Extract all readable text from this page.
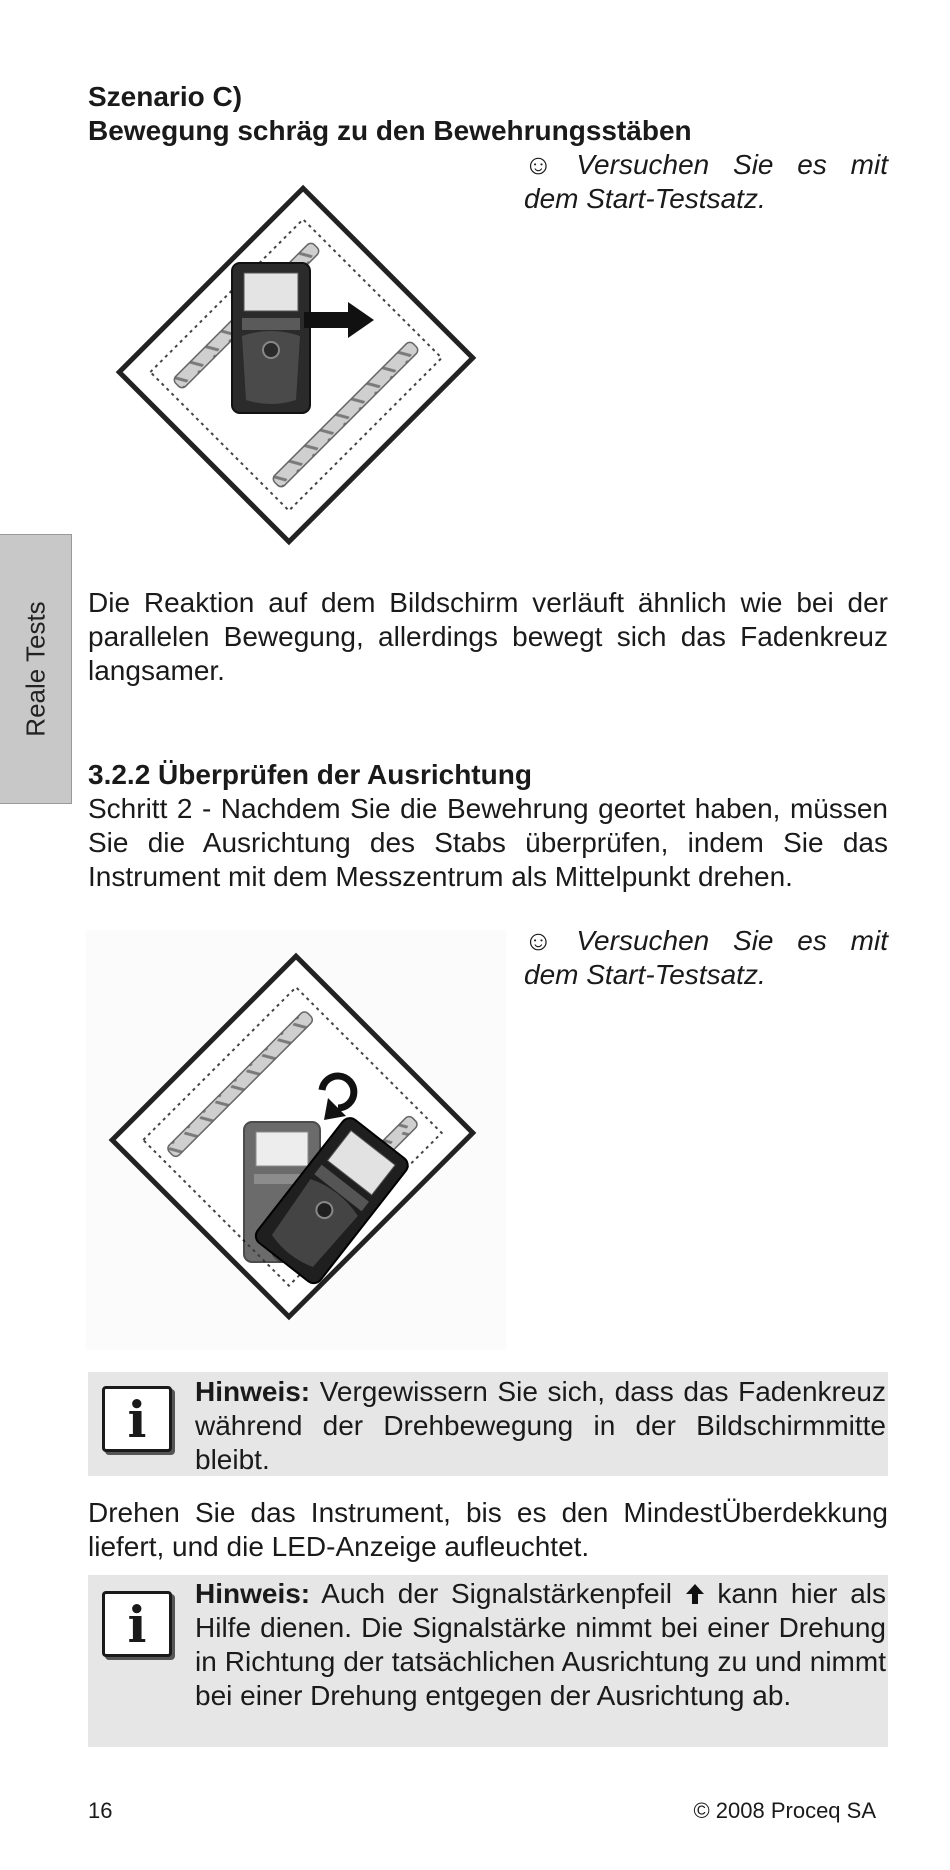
Reale Tests

Szenario C)

Bewegung schräg zu den Bewehrungsstäben

☺ Versuchen Sie es mit
dem Start-Testsatz.

Die Reaktion auf dem Bildschirm verläuft ähnlich wie bei der parallelen Bewegung, allerdings bewegt sich das Fadenkreuz langsamer.

3.2.2 Überprüfen der Ausrichtung

Schritt 2 - Nachdem Sie die Bewehrung geortet haben, müssen Sie die Ausrichtung des Stabs überprüfen, indem Sie das Instrument mit dem Messzentrum als Mittelpunkt drehen.

☺ Versuchen Sie es mit
dem Start-Testsatz.
i	Hinweis: Vergewissern Sie sich, dass das Fadenkreuz während der Drehbewegung in der Bildschirmmitte bleibt.

Drehen Sie das Instrument, bis es den MindestÜberdekkung liefert, und die LED-Anzeige aufleuchtet.

i
Hinweis: Auch der Signalstärkenpfeil  kann hier als Hilfe dienen. Die Signalstärke nimmt bei einer Drehung in Richtung der tatsächlichen Ausrichtung zu und nimmt bei einer Drehung entgegen der Ausrichtung ab.
16	© 2008 Proceq SA
